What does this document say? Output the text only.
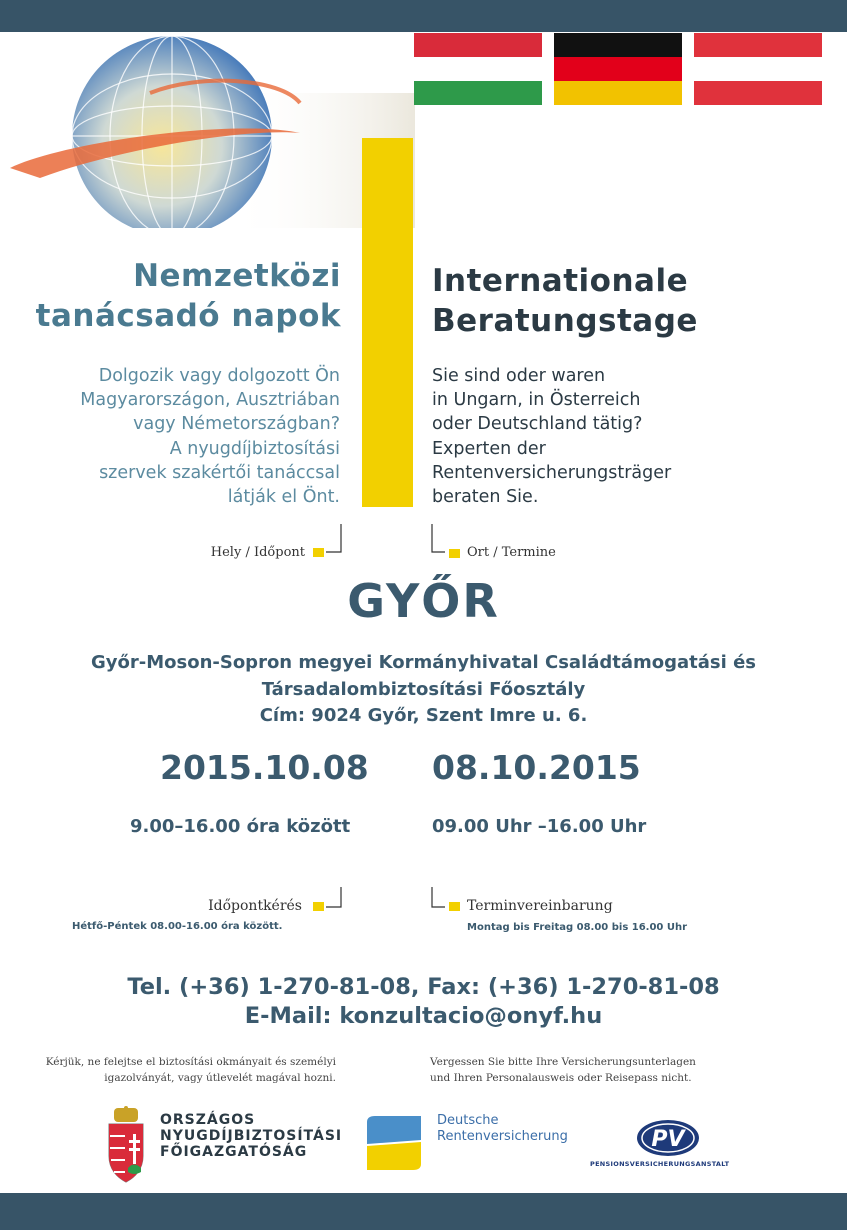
Nemzetközi
tanácsadó napok
Internationale
Beratungstage
Dolgozik vagy dolgozott Ön
Magyarországon, Ausztriában
vagy Németországban?
A nyugdíjbiztosítási
szervek szakértői tanáccsal
látják el Önt.
Sie sind oder waren
in Ungarn, in Österreich
oder Deutschland tätig?
Experten der
Rentenversicherungsträger
beraten Sie.
Hely / Időpont	Ort / Termine
GYŐR
Győr-Moson-Sopron megyei Kormányhivatal Családtámogatási és
Társadalombiztosítási Főosztály
Cím: 9024 Győr, Szent Imre u. 6.
2015.10.08 08.10.2015
9.00–16.00 óra között	09.00 Uhr –16.00 Uhr
Időpontkérés	Terminvereinbarung
Hétfő-Péntek 08.00-16.00 óra között.	Montag bis Freitag 08.00 bis 16.00 Uhr
Tel. (+36) 1-270-81-08, Fax: (+36) 1-270-81-08
E-Mail: konzultacio@onyf.hu
Kérjük, ne felejtse el biztosítási okmányait és személyi
igazolványát, vagy útlevelét magával hozni.
Vergessen Sie bitte Ihre Versicherungsunterlagen
und Ihren Personalausweis oder Reisepass nicht.
ORSZÁGOS
NYUGDÍJBIZTOSÍTÁSI
FŐIGAZGATÓSÁG
Deutsche
Rentenversicherung	PV
PENSIONSVERSICHERUNGSANSTALT
